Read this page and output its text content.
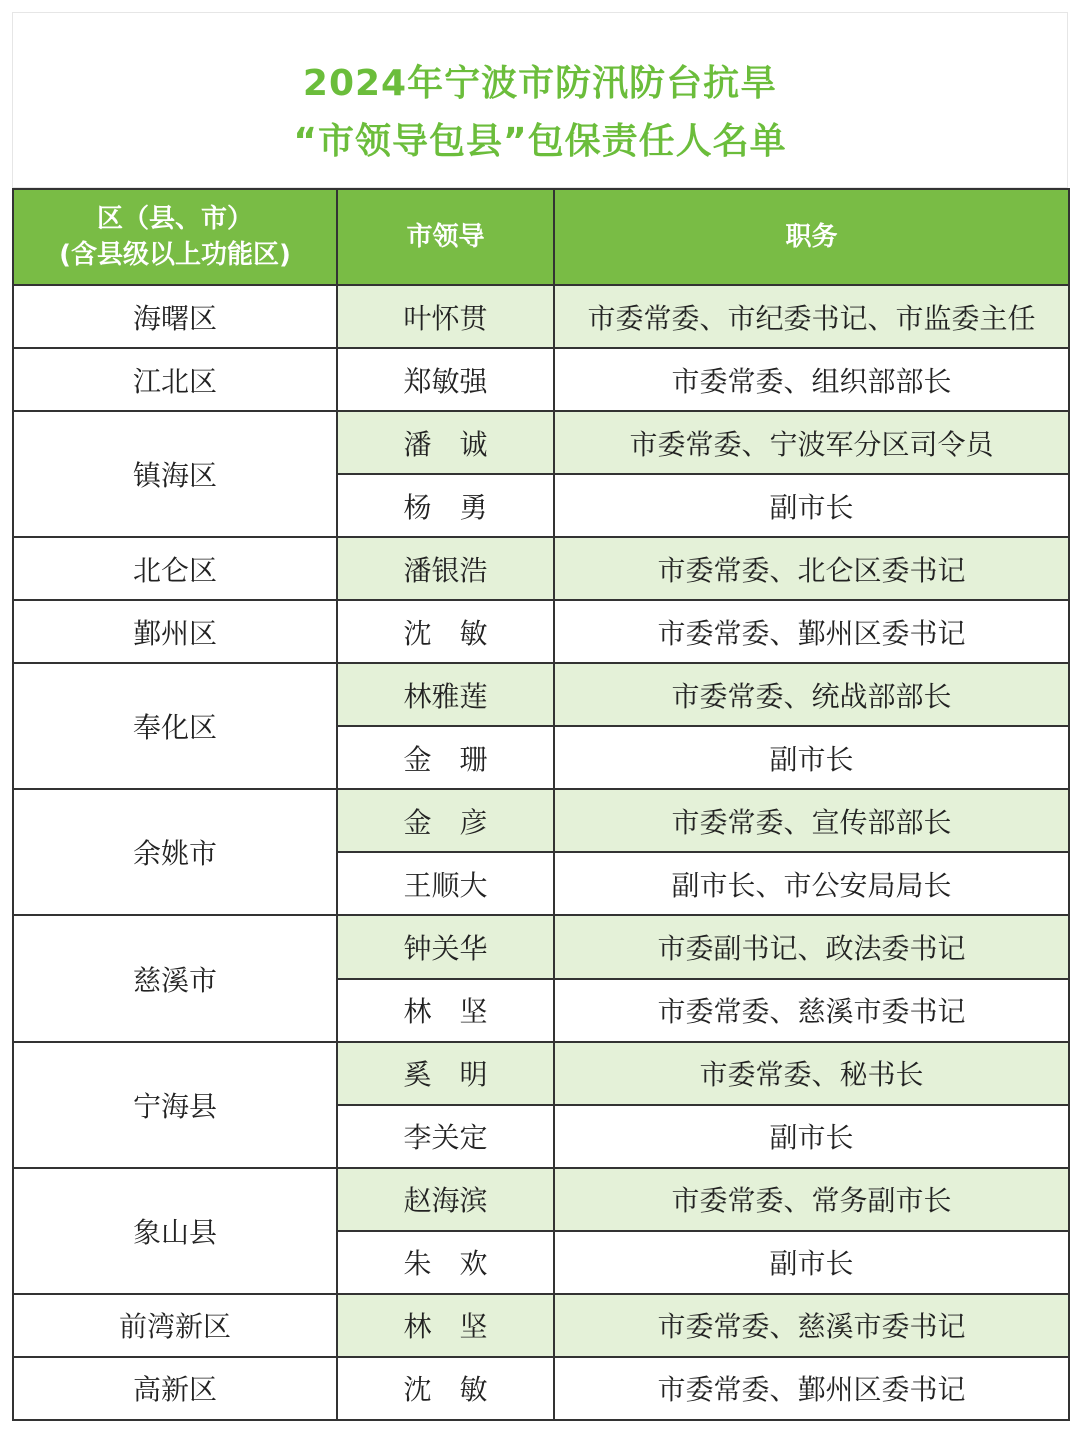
2024年宁波市防汛防台抗旱
“市领导包县”包保责任人名单
区（县、市）
(含县级以上功能区)	市领导	职务
海曙区	叶怀贯	市委常委、市纪委书记、市监委主任
江北区	郑敏强	市委常委、组织部部长
镇海区	潘　诚	市委常委、宁波军分区司令员
	杨　勇	副市长
北仑区	潘银浩	市委常委、北仑区委书记
鄞州区	沈　敏	市委常委、鄞州区委书记
奉化区	林雅莲	市委常委、统战部部长
	金　珊	副市长
余姚市	金　彦	市委常委、宣传部部长
	王顺大	副市长、市公安局局长
慈溪市	钟关华	市委副书记、政法委书记
	林　坚	市委常委、慈溪市委书记
宁海县	奚　明	市委常委、秘书长
	李关定	副市长
象山县	赵海滨	市委常委、常务副市长
	朱　欢	副市长
前湾新区	林　坚	市委常委、慈溪市委书记
高新区	沈　敏	市委常委、鄞州区委书记
